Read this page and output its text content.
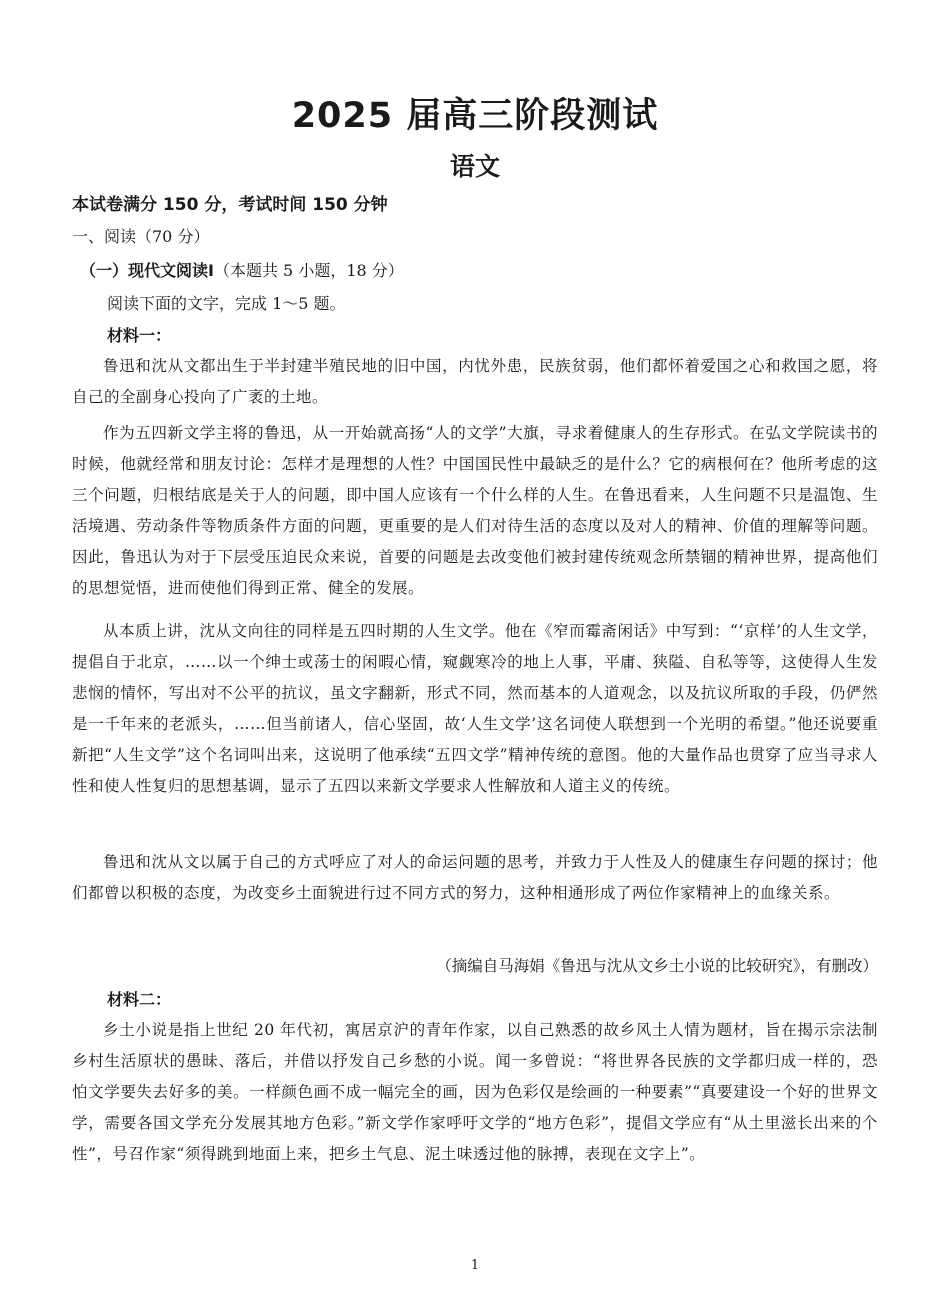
2025 届高三阶段测试
语文
本试卷满分 150 分，考试时间 150 分钟
一、阅读（70 分）
（一）现代文阅读Ⅰ（本题共 5 小题，18 分）
阅读下面的文字，完成 1～5 题。
材料一：
鲁迅和沈从文都出生于半封建半殖民地的旧中国，内忧外患，民族贫弱，他们都怀着爱国之心和救国之愿，将自己的全副身心投向了广袤的土地。
作为五四新文学主将的鲁迅，从一开始就高扬“人的文学”大旗，寻求着健康人的生存形式。在弘文学院读书的时候，他就经常和朋友讨论：怎样才是理想的人性？中国国民性中最缺乏的是什么？它的病根何在？他所考虑的这三个问题，归根结底是关于人的问题，即中国人应该有一个什么样的人生。在鲁迅看来，人生问题不只是温饱、生活境遇、劳动条件等物质条件方面的问题，更重要的是人们对待生活的态度以及对人的精神、价值的理解等问题。因此，鲁迅认为对于下层受压迫民众来说，首要的问题是去改变他们被封建传统观念所禁锢的精神世界，提高他们的思想觉悟，进而使他们得到正常、健全的发展。
从本质上讲，沈从文向往的同样是五四时期的人生文学。他在《窄而霉斋闲话》中写到：“‘京样’的人生文学，提倡自于北京，……以一个绅士或荡士的闲暇心情，窥觑寒冷的地上人事，平庸、狭隘、自私等等，这使得人生发悲悯的情怀，写出对不公平的抗议，虽文字翻新，形式不同，然而基本的人道观念，以及抗议所取的手段，仍俨然是一千年来的老派头，……但当前诸人，信心坚固，故‘人生文学’这名词使人联想到一个光明的希望。”他还说要重新把“人生文学”这个名词叫出来，这说明了他承续“五四文学”精神传统的意图。他的大量作品也贯穿了应当寻求人性和使人性复归的思想基调，显示了五四以来新文学要求人性解放和人道主义的传统。
鲁迅和沈从文以属于自己的方式呼应了对人的命运问题的思考，并致力于人性及人的健康生存问题的探讨；他们都曾以积极的态度，为改变乡土面貌进行过不同方式的努力，这种相通形成了两位作家精神上的血缘关系。
（摘编自马海娟《鲁迅与沈从文乡土小说的比较研究》，有删改）
材料二：
乡土小说是指上世纪 20 年代初，寓居京沪的青年作家，以自己熟悉的故乡风土人情为题材，旨在揭示宗法制乡村生活原状的愚昧、落后，并借以抒发自己乡愁的小说。闻一多曾说：“将世界各民族的文学都归成一样的，恐怕文学要失去好多的美。一样颜色画不成一幅完全的画，因为色彩仅是绘画的一种要素”“真要建设一个好的世界文学，需要各国文学充分发展其地方色彩。”新文学作家呼吁文学的“地方色彩”，提倡文学应有“从土里滋长出来的个性”，号召作家“须得跳到地面上来，把乡土气息、泥土味透过他的脉搏，表现在文字上”。
1
